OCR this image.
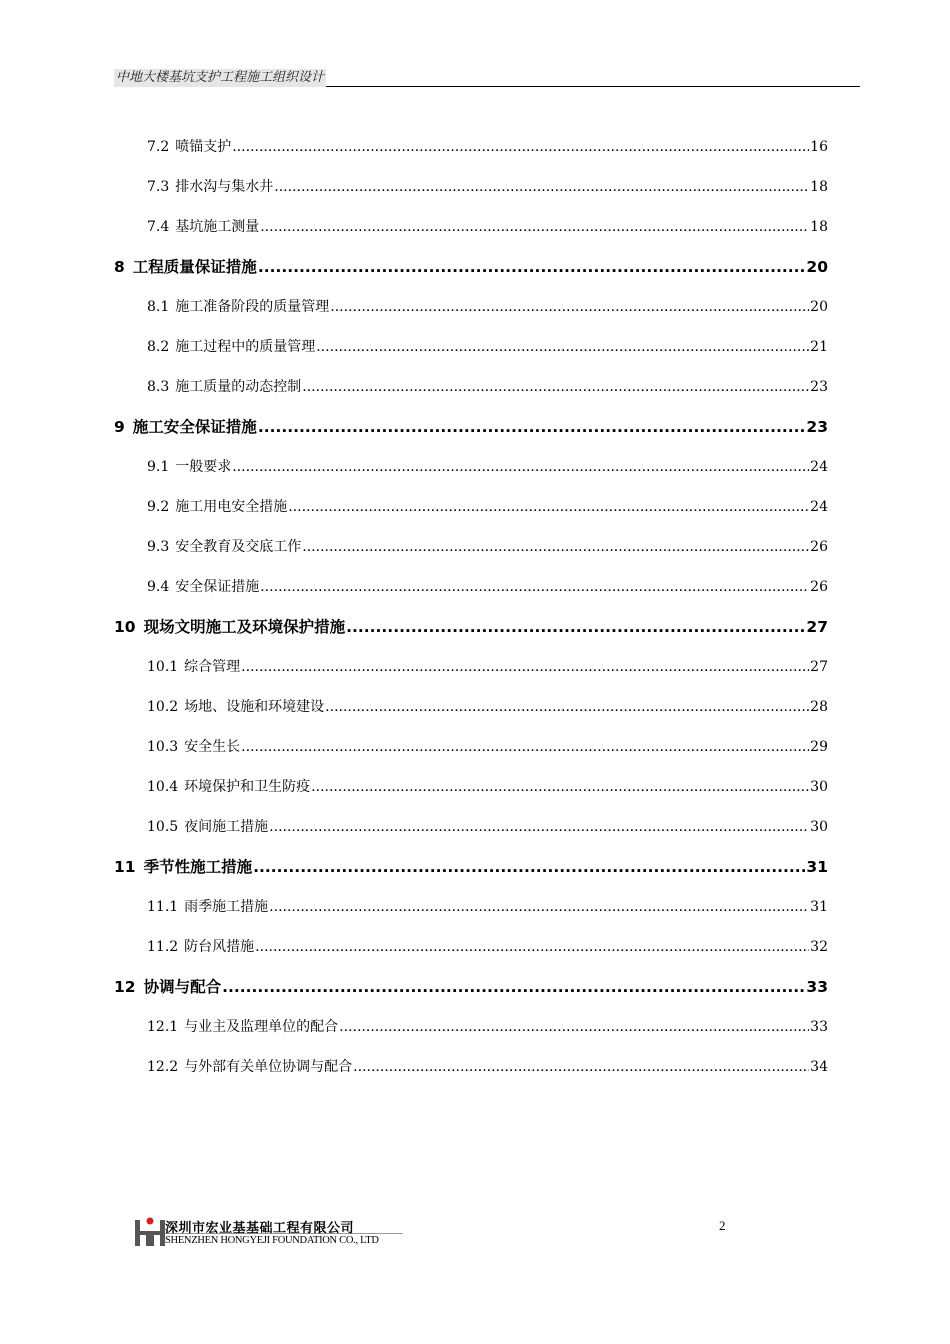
中地大楼基坑支护工程施工组织设计
7.2 喷锚支护 .....	16
7.3 排水沟与集水井 .....	18
7.4 基坑施工测量 .....	18
8 工程质量保证措施 .....	20
8.1 施工准备阶段的质量管理 .....	20
8.2 施工过程中的质量管理 .....	21
8.3 施工质量的动态控制 .....	23
9 施工安全保证措施 .....	23
9.1 一般要求 .....	24
9.2 施工用电安全措施 .....	24
9.3 安全教育及交底工作 .....	26
9.4 安全保证措施 .....	26
10 现场文明施工及环境保护措施 .....	27
10.1 综合管理 .....	27
10.2 场地、设施和环境建设 .....	28
10.3 安全生长 .....	29
10.4 环境保护和卫生防疫 .....	30
10.5 夜间施工措施 .....	30
11 季节性施工措施 .....	31
11.1 雨季施工措施 .....	31
11.2 防台风措施 .....	32
12 协调与配合 .....	33
12.1 与业主及监理单位的配合 .....	33
12.2 与外部有关单位协调与配合 .....	34
深圳市宏业基基础工程有限公司
SHENZHEN HONGYEJI FOUNDATION CO., LTD
2
